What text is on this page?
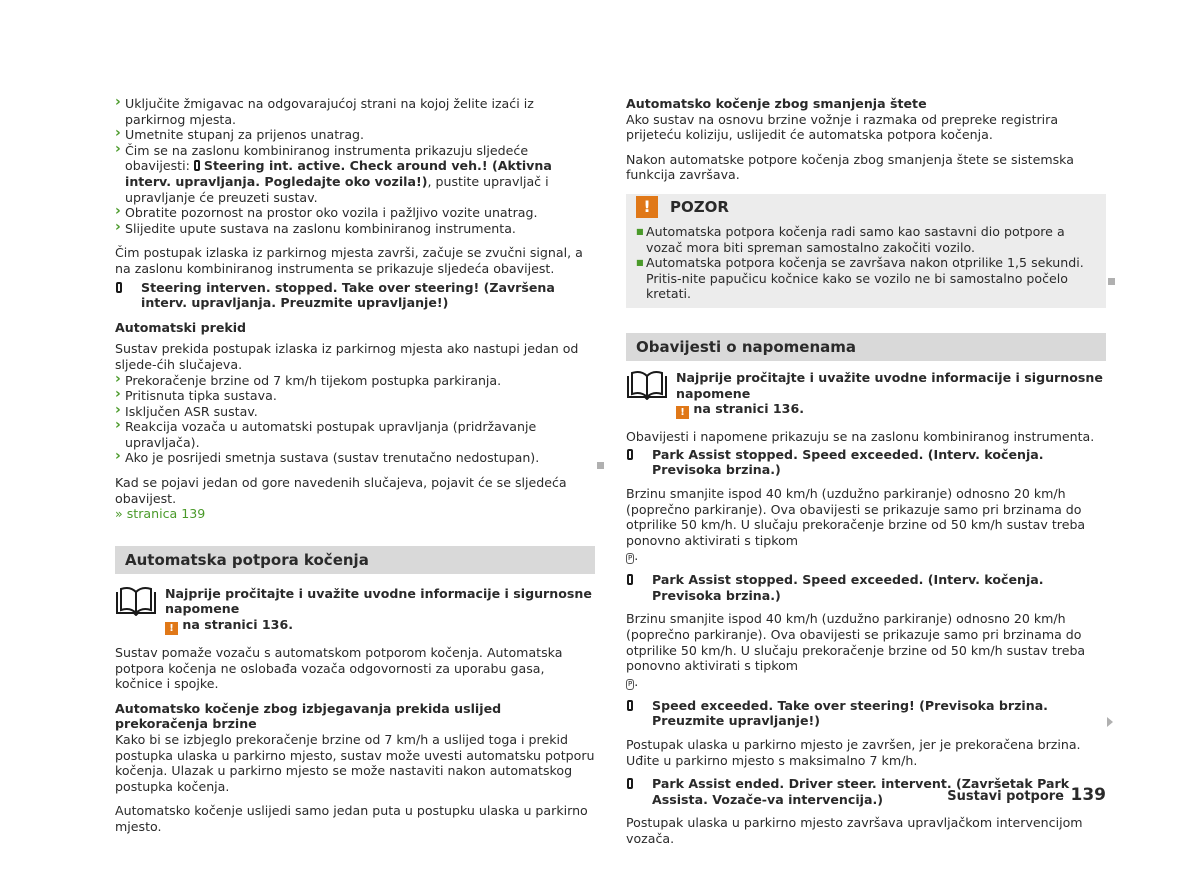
› Uključite žmigavac na odgovarajućoj strani na kojoj želite izaći iz parkirnog mjesta.
› Umetnite stupanj za prijenos unatrag.
› Čim se na zaslonu kombiniranog instrumenta prikazuju sljedeće obavijesti:  Steering int. active. Check around veh.! (Aktivna interv. upravljanja. Pogledajte oko vozila!), pustite upravljač i upravljanje će preuzeti sustav.
› Obratite pozornost na prostor oko vozila i pažljivo vozite unatrag.
› Slijedite upute sustava na zaslonu kombiniranog instrumenta.

Čim postupak izlaska iz parkirnog mjesta završi, začuje se zvučni signal, a na zaslonu kombiniranog instrumenta se prikazuje sljedeća obavijest.

Steering interven. stopped. Take over steering! (Završena interv. upravljanja. Preuzmite upravljanje!)

Automatski prekid

Sustav prekida postupak izlaska iz parkirnog mjesta ako nastupi jedan od sljede-ćih slučajeva.

› Prekoračenje brzine od 7 km/h tijekom postupka parkiranja.
› Pritisnuta tipka sustava.
› Isključen ASR sustav.
› Reakcija vozača u automatski postupak upravljanja (pridržavanje upravljača).
› Ako je posrijedi smetnja sustava (sustav trenutačno nedostupan).

Kad se pojavi jedan od gore navedenih slučajeva, pojavit će se sljedeća obavijest.
» stranica 139

Automatska potpora kočenja

Najprije pročitajte i uvažite uvodne informacije i sigurnosne napomene
! na stranici 136.

Sustav pomaže vozaču s automatskom potporom kočenja. Automatska potpora kočenja ne oslobađa vozača odgovornosti za uporabu gasa, kočnice i spojke.

Automatsko kočenje zbog izbjegavanja prekida uslijed prekoračenja brzine

Kako bi se izbjeglo prekoračenje brzine od 7 km/h a uslijed toga i prekid postupka ulaska u parkirno mjesto, sustav može uvesti automatsku potporu kočenja. Ulazak u parkirno mjesto se može nastaviti nakon automatskog postupka kočenja.

Automatsko kočenje uslijedi samo jedan puta u postupku ulaska u parkirno mjesto.

Automatsko kočenje zbog smanjenja štete

Ako sustav na osnovu brzine vožnje i razmaka od prepreke registrira prijeteću koliziju, uslijedit će automatska potpora kočenja.

Nakon automatske potpore kočenja zbog smanjenja štete se sistemska funkcija završava.

!	POZOR
■ Automatska potpora kočenja radi samo kao sastavni dio potpore a vozač mora biti spreman samostalno zakočiti vozilo.
■ Automatska potpora kočenja se završava nakon otprilike 1,5 sekundi. Pritis-nite papučicu kočnice kako se vozilo ne bi samostalno počelo kretati.
Obavijesti o napomenama

Najprije pročitajte i uvažite uvodne informacije i sigurnosne napomene
! na stranici 136.

Obavijesti i napomene prikazuju se na zaslonu kombiniranog instrumenta.

Park Assist stopped. Speed exceeded. (Interv. kočenja. Previsoka brzina.)

Brzinu smanjite ispod 40 km/h (uzdužno parkiranje) odnosno 20 km/h (poprečno parkiranje). Ova obavijesti se prikazuje samo pri brzinama do otprilike 50 km/h. U slučaju prekoračenje brzine od 50 km/h sustav treba ponovno aktivirati s tipkom
P .

Park Assist stopped. Speed exceeded. (Interv. kočenja. Previsoka brzina.)

Brzinu smanjite ispod 40 km/h (uzdužno parkiranje) odnosno 20 km/h (poprečno parkiranje). Ova obavijesti se prikazuje samo pri brzinama do otprilike 50 km/h. U slučaju prekoračenje brzine od 50 km/h sustav treba ponovno aktivirati s tipkom
P .

Speed exceeded. Take over steering! (Previsoka brzina. Preuzmite upravljanje!)

Postupak ulaska u parkirno mjesto je završen, jer je prekoračena brzina. Uđite u parkirno mjesto s maksimalno 7 km/h.

Park Assist ended. Driver steer. intervent. (Završetak Park Assista. Vozače-va intervencija.)

Postupak ulaska u parkirno mjesto završava upravljačkom intervencijom vozača.

Sustavi potpore 139
